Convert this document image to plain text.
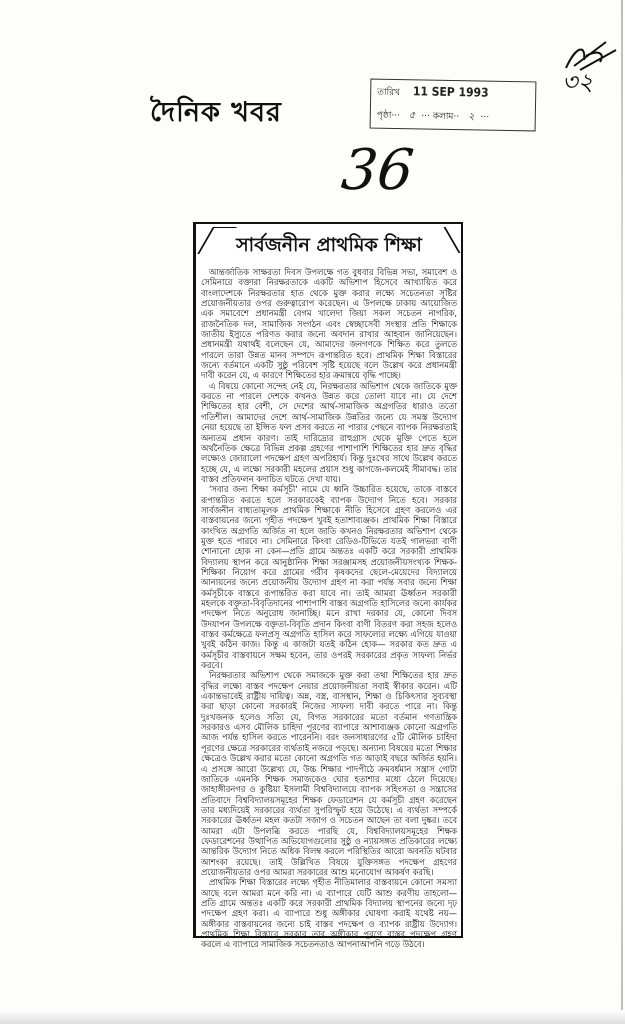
দৈনিক খবর
তারিখ 11 SEP 1993
পৃষ্ঠা··· ৫ ··· কলাম·· ২ ···
৩২
36
সার্বজনীন প্রাথমিক শিক্ষা

আন্তর্জাতিক সাক্ষরতা দিবস উপলক্ষে গত বুধবার বিভিন্ন সভা, সমাবেশ ও সেমিনারে বক্তারা নিরক্ষরতাকে একটি অভিশাপ হিসেবে আখ্যায়িত করে বাংলাদেশকে নিরক্ষরতার হাত থেকে মুক্ত করার লক্ষ্যে সচেতনতা সৃষ্টির প্রয়োজনীয়তার ওপর গুরুত্বারোপ করেছেন। এ উপলক্ষে ঢাকায় আয়োজিত এক সমাবেশে প্রধানমন্ত্রী বেগম খালেদা জিয়া সকল সচেতন নাগরিক, রাজনৈতিক দল, সামাজিক সংগঠন এবং স্বেচ্ছাসেবী সংস্থার প্রতি শিক্ষাকে জাতীয় ইস্যুতে পরিণত করার জন্যে অবদান রাখার আহবান জানিয়েছেন। প্রধানমন্ত্রী যথার্থই বলেছেন যে, আমাদের জনগণকে শিক্ষিত করে তুলতে পারলে তারা উন্নত মানব সম্পদে রূপান্তরিত হবে। প্রাথমিক শিক্ষা বিস্তারের জন্যে বর্তমানে একটি সুষ্ঠু পরিবেশ সৃষ্টি হয়েছে বলে উল্লেখ করে প্রধানমন্ত্রী দাবী করেন যে, এ কারণে শিক্ষিতের হার ক্রমান্বয়ে বৃদ্ধি পাচ্ছে।

এ বিষয়ে কোনো সন্দেহ নেই যে, নিরক্ষরতার অভিশাপ থেকে জাতিকে মুক্ত করতে না পারলে দেশকে কখনও উন্নত করে তোলা যাবে না। যে দেশে শিক্ষিতের হার বেশী, সে দেশের আর্থ-সামাজিক অগ্রগতির ধারাও ততো গতিশীল। আমাদের দেশে আর্থ-সামাজিক উন্নতির জন্যে যে সমস্ত উদ্যোগ নেয়া হয়েছে তা ইপ্সিত ফল প্রসব করতে না পারার পেছনে ব্যাপক নিরক্ষরতাই অন্যতম প্রধান কারণ। তাই দারিদ্র্যের রাহুগ্রাস থেকে মুক্তি পেতে হলে অর্থনৈতিক ক্ষেত্রে বিভিন্ন প্রকল্প গ্রহণের পাশাপাশি শিক্ষিতের হার দ্রুত বৃদ্ধির লক্ষ্যেও জোরালো পদক্ষেপ গ্রহণ অপরিহার্য। কিন্তু দুঃখের সাথে উল্লেখ করতে হচ্ছে যে, এ লক্ষ্যে সরকারী মহলের প্রয়াস শুধু কাগজে-কলমেই সীমাবদ্ধ। তার বাস্তব প্রতিফলন কদাচিত ঘটতে দেখা যায়।

'সবার জন্য শিক্ষা কর্মসূচী' নামে যে ধ্বনি উচ্চারিত হয়েছে, তাকে বাস্তবে রূপান্তরিত করতে হলে সরকারকেই ব্যাপক উদ্যোগ নিতে হবে। সরকার সার্বজনীন বাধ্যতামূলক প্রাথমিক শিক্ষাকে নীতি হিসেবে গ্রহণ করলেও এর বাস্তবায়নের জন্যে গৃহীত পদক্ষেপ খুবই হতাশাব্যঞ্জক। প্রাথমিক শিক্ষা বিস্তারে কাংখিত অগ্রগতি অর্জিত না হলে জাতি কখনও নিরক্ষরতার অভিশাপ থেকে মুক্ত হতে পারবে না। সেমিনারে কিংবা রেডিও-টিভিতে যতই গালভরা বাণী শোনানো হোক না কেন—প্রতি গ্রামে অন্ততঃ একটি করে সরকারী প্রাথমিক বিদ্যালয় স্থাপন করে আনুষ্ঠানিক শিক্ষা সরঞ্জামসহ প্রয়োজনীয়সংখ্যক শিক্ষক-শিক্ষিকা নিয়োগ করে গ্রামের গরীব কৃষকদের ছেলে-মেয়েদের বিদ্যালয়ে আনায়নের জন্যে প্রয়োজনীয় উদ্যোগ গ্রহণ না করা পর্যন্ত সবার জন্যে শিক্ষা কর্মসূচীকে বাস্তবে রূপান্তরিত করা যাবে না। তাই আমরা ঊর্ধ্বতন সরকারী মহলকে বক্তৃতা-বিবৃতিদানের পাশাপাশি বাস্তব অগ্রগতি হাসিলের জন্যে কার্যকর পদক্ষেপ নিতে অনুরোধ জানাচ্ছি। মনে রাখা দরকার যে, কোনো দিবস উদযাপন উপলক্ষে বক্তৃতা-বিবৃতি প্রদান কিংবা বাণী বিতরণ করা সহজ হলেও বাস্তব কর্মক্ষেত্রে ফলপ্রসূ অগ্রগতি হাসিল করে সাফল্যের লক্ষ্যে এগিয়ে যাওয়া খুবই কঠিন কাজ। কিন্তু এ কাজটা যতই কঠিন হোক— সরকার কত দ্রুত এ কর্মসূচীর বাস্তবায়নে সক্ষম হবেন, তার ওপরই সরকারের প্রকৃত সাফল্য নির্ভর করবে।

নিরক্ষরতার অভিশাপ থেকে সমাজকে মুক্ত করা তথা শিক্ষিতের হার দ্রুত বৃদ্ধির লক্ষ্যে বাস্তব পদক্ষেপ নেয়ার প্রয়োজনীয়তা সবাই স্বীকার করেন। এটি একান্তভাবেই রাষ্ট্রীয় দায়িত্ব। অন্ন, বস্ত্র, বাসস্থান, শিক্ষা ও চিকিৎসার সুব্যবস্থা করা ছাড়া কোনো সরকারই নিজের সাফল্য দাবী করতে পারে না। কিন্তু দুঃখজনক হলেও সত্যি যে, বিগত সরকারের মতো বর্তমান গণতান্ত্রিক সরকারও এসব মৌলিক চাহিদা পূরণের ব্যাপারে আশাব্যঞ্জক কোনো অগ্রগতি আজ পর্যন্ত হাসিল করতে পারেননি। বরং জনসাধারণের ৫টি মৌলিক চাহিদা পূরণের ক্ষেত্রে সরকারের ব্যর্থতাই নজরে পড়ছে। অন্যান্য বিষয়ের মতো শিক্ষার ক্ষেত্রেও উল্লেখ করার মতো কোনো অগ্রগতি গত আড়াই বছরে অর্জিত হয়নি। এ প্রসঙ্গে আরো উল্লেখ্য যে, উচ্চ শিক্ষার পাদপীঠে ক্রমবর্ধমান সন্ত্রাস গোটা জাতিকে এমনকি শিক্ষক সমাজকেও ঘোর হতাশার মধ্যে ঠেলে দিয়েছে। জাহাঙ্গীরনগর ও কুষ্টিয়া ইসলামী বিশ্ববিদ্যালয়ে ব্যাপক সহিংসতা ও সন্ত্রাসের প্রতিবাদে বিশ্ববিদ্যালয়সমূহের শিক্ষক ফেডারেশন যে কর্মসূচী গ্রহণ করেছেন তার মধ্যদিয়েই সরকারের ব্যর্থতা সুপরিস্ফুট হয়ে উঠেছে। এ ব্যর্থতা সম্পর্কে সরকারের ঊর্ধ্বতন মহল কতটা সজাগ ও সচেতন আছেন তা বলা দুষ্কর। তবে আমরা এটা উপলব্ধি করতে পারছি যে, বিশ্ববিদ্যালয়সমূহের শিক্ষক ফেডারেশনের উত্থাপিত অভিযোগগুলোর সুষ্ঠু ও ন্যায়সঙ্গত প্রতিকারের লক্ষ্যে আন্তরিক উদ্যোগ নিতে অধিক বিলম্ব করলে পরিস্থিতির আরো অবনতি ঘটবার আশংকা রয়েছে। তাই উল্লিখিত বিষয়ে যুক্তিসঙ্গত পদক্ষেপ গ্রহণের প্রয়োজনীয়তার ওপর আমরা সরকারের আশু মনোযোগ আকর্ষণ করছি।

প্রাথমিক শিক্ষা বিস্তারের লক্ষ্যে গৃহীত নীতিমালার বাস্তবায়নে কোনো সমস্যা আছে বলে আমরা মনে করি না। এ ব্যাপারে যেটি আশু করণীয় তাহলো— প্রতি গ্রামে অন্ততঃ একটি করে সরকারী প্রাথমিক বিদ্যালয় স্থাপনের জন্যে দৃঢ় পদক্ষেপ গ্রহণ করা। এ ব্যাপারে শুধু অঙ্গীকার ঘোষণা করাই যথেষ্ট নয়— অঙ্গীকার বাস্তবায়নের জন্যে চাই বাস্তব পদক্ষেপ ও ব্যাপক রাষ্ট্রীয় উদ্যোগ। প্রাথমিক শিক্ষা বিস্তারে সরকার তার অঙ্গীকার পূরণে বাস্তব পদক্ষেপ গ্রহণ করলে এ ব্যাপারে সামাজিক সচেতনতাও আপনাআপনি গড়ে উঠবে।
